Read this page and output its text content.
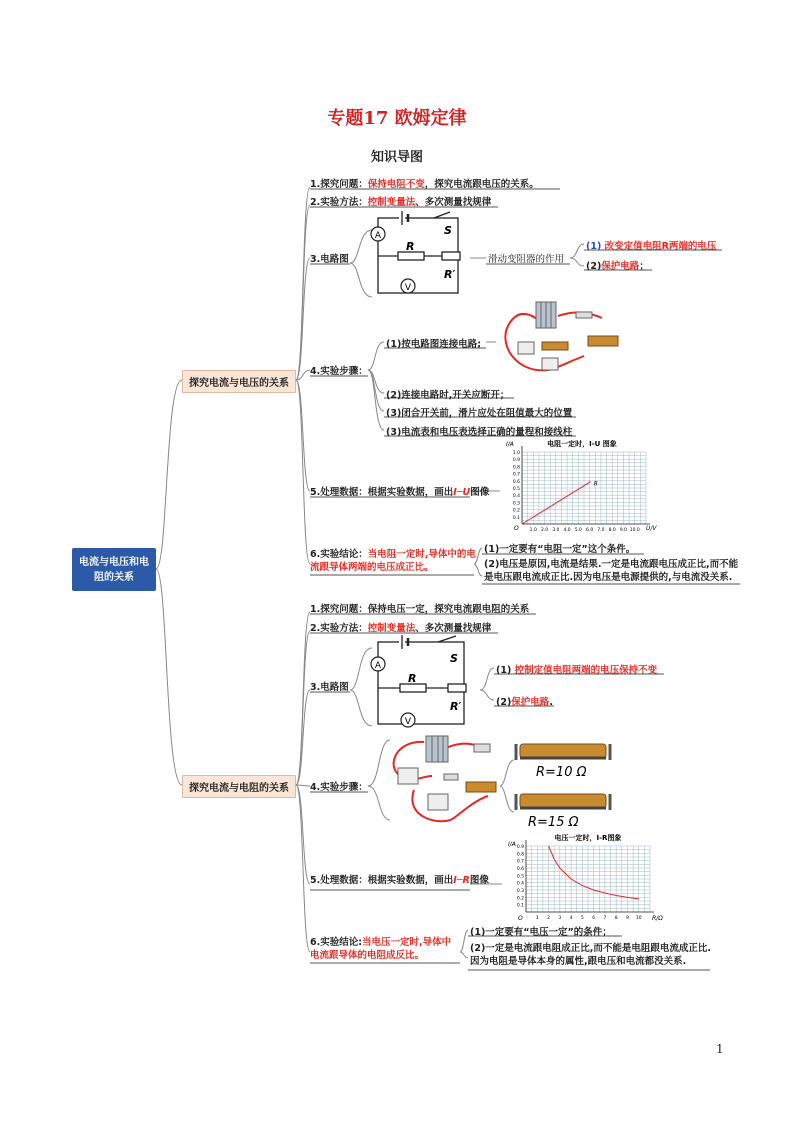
专题17 欧姆定律
知识导图
电流与电压和电阻的关系
探究电流与电压的关系
1.探究问题：保持电阻不变，探究电流跟电压的关系。
2.实验方法：控制变量法、多次测量找规律
3.电路图
A
V
S
R
R′
滑动变阻器的作用
(1) 改变定值电阻R两端的电压
(2)保护电路；
4.实验步骤：
(1)按电路图连接电路;
(2)连接电路时,开关应断开；
(3)闭合开关前，滑片应处在阻值最大的位置
(3)电流表和电压表选择正确的量程和接线柱
5.处理数据：根据实验数据，画出I─U图像
R
1.0 2.0 3.0 4.0 5.0 6.0 7.0 8.0 9.0 10.0
0.1
0.2
0.3
0.4
0.5
0.6
0.7
0.8
0.9
1.0
电阻一定时，I-U 图象
I/A
U/V
O
6.实验结论：当电阻一定时,导体中的电流跟导体两端的电压成正比。
(1)一定要有“电阻一定”这个条件。
(2)电压是原因,电流是结果.一定是电流跟电压成正比,而不能是电压跟电流成正比.因为电压是电源提供的,与电流没关系.
探究电流与电阻的关系
1.探究问题：保持电压一定，探究电流跟电阻的关系
2.实验方法：控制变量法、多次测量找规律
3.电路图
A
V
S
R
R′
(1) 控制定值电阻两端的电压保持不变
(2)保护电路.
4.实验步骤：
R=10 Ω
R=15 Ω
5.处理数据：根据实验数据，画出I─R图像
1 2 3 4 5 6 7 8 9 10
0.1
0.2
0.3
0.4
0.5
0.6
0.7
0.8
0.9
电压一定时，I-R图象
I/A
R/Ω
O
6.实验结论:当电压一定时,导体中电流跟导体的电阻成反比。
(1)一定要有“电压一定”的条件；
(2)一定是电流跟电阻成正比,而不能是电阻跟电流成正比.因为电阻是导体本身的属性,跟电压和电流都没关系.
1
